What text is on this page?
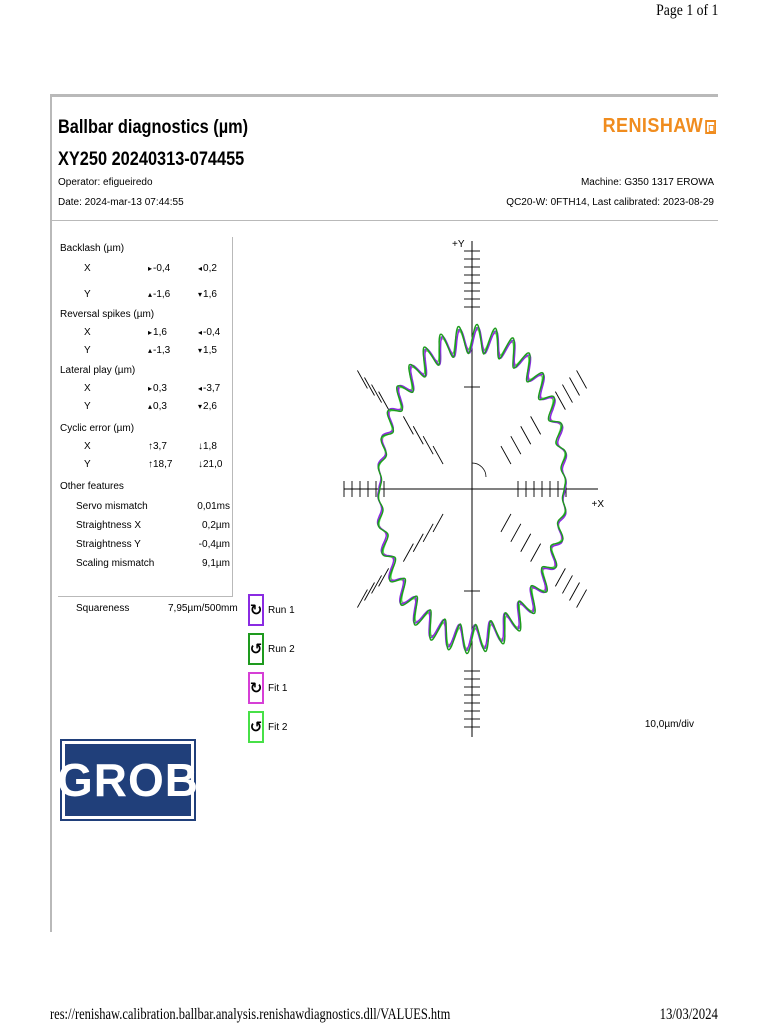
Page 1 of 1
Ballbar diagnostics (µm)
XY250 20240313-074455
RENISHAW
Operator: efigueiredo
Date: 2024-mar-13 07:44:55
Machine: G350 1317 EROWA
QC20-W: 0FTH14, Last calibrated: 2023-08-29
Backlash (µm)
X	▸-0,4	◂0,2
Y	▴-1,6	▾1,6
Reversal spikes (µm)
X	▸1,6	◂-0,4
Y	▴-1,3	▾1,5
Lateral play (µm)
X	▸0,3	◂-3,7
Y	▴0,3	▾2,6
Cyclic error (µm)
X	↑3,7	↓1,8
Y	↑18,7	↓21,0
Other features
Servo mismatch	0,01ms
Straightness X	0,2µm
Straightness Y	-0,4µm
Scaling mismatch	9,1µm
Squareness	7,95µm/500mm ↻ Run 1
↺ Run 2
↻ Fit 1
↺ Fit 2
+X
+Y
10,0µm/div
GROB
res://renishaw.calibration.ballbar.analysis.renishawdiagnostics.dll/VALUES.htm	13/03/2024
